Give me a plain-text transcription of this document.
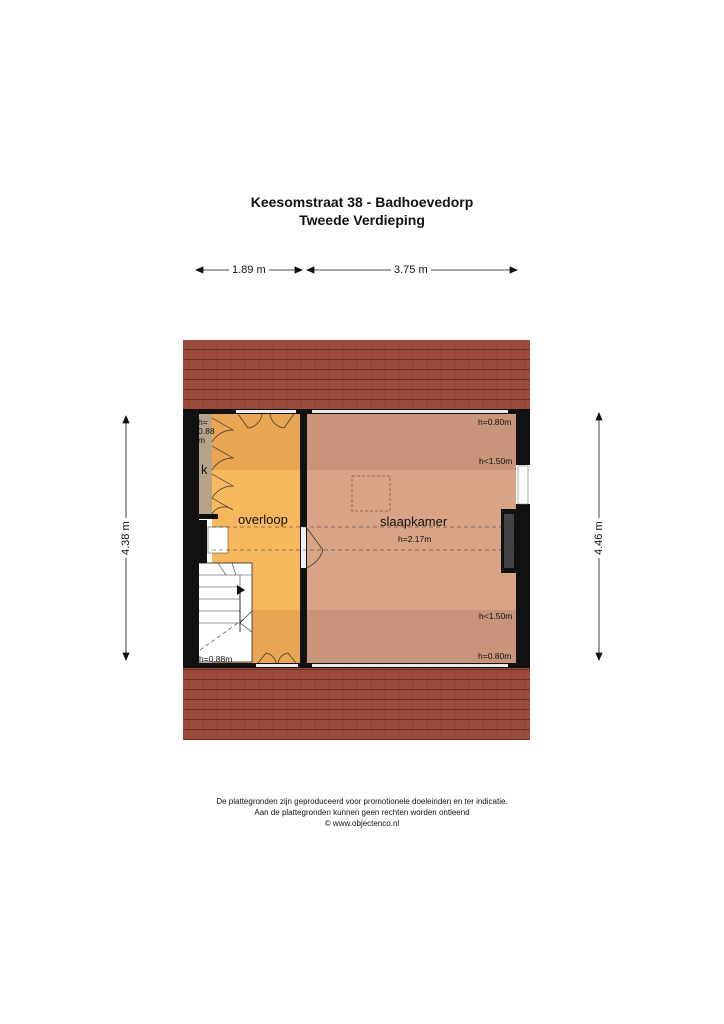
Keesomstraat 38 - Badhoevedorp
Tweede Verdieping
k
overloop	slaapkamer
h=
0.88
m
h=0.88m
h=0.80m
h<1.50m
h=2.17m
h<1.50m
h=0.80m
1.89 m	3.75 m
4.38 m	4.46 m
De plattegronden zijn geproduceerd voor promotionele doeleinden en ter indicatie.
Aan de plattegronden kunnen geen rechten worden ontleend
© www.objectenco.nl
